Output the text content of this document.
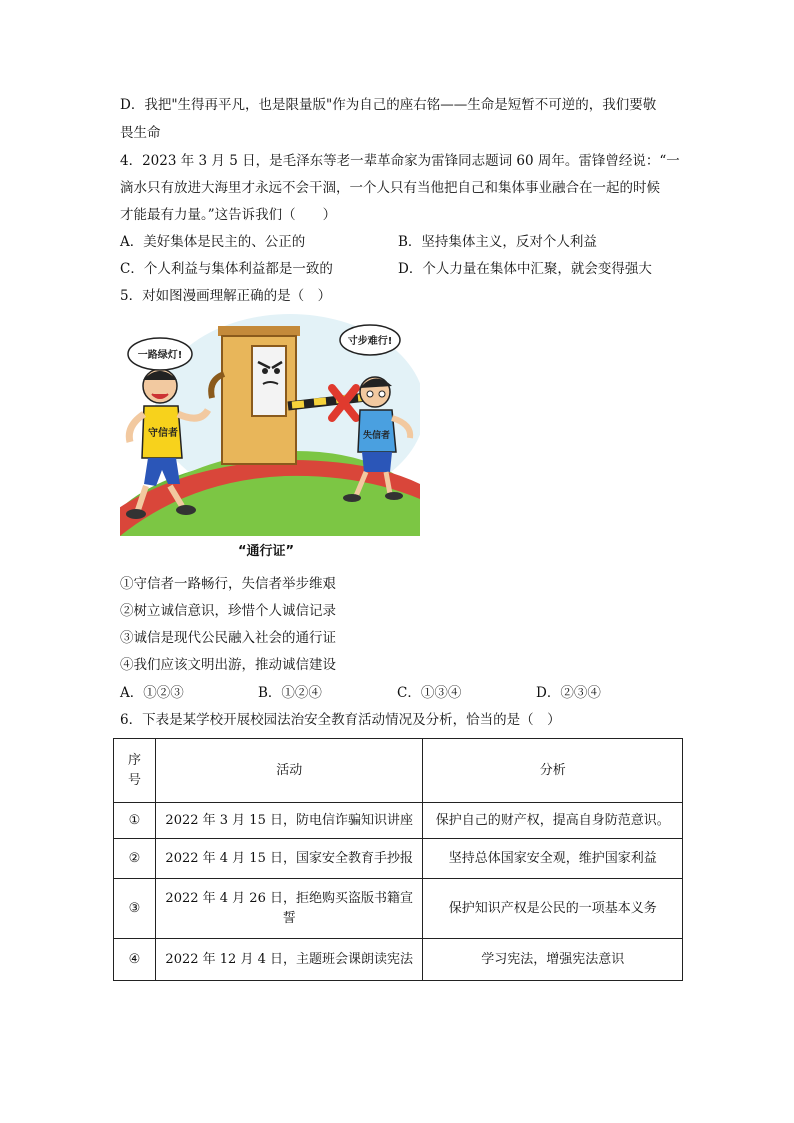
D．我把"生得再平凡，也是限量版"作为自己的座右铭——生命是短暂不可逆的，我们要敬
畏生命
4．2023 年 3 月 5 日，是毛泽东等老一辈革命家为雷锋同志题词 60 周年。雷锋曾经说：“一
滴水只有放进大海里才永远不会干涸，一个人只有当他把自己和集体事业融合在一起的时候
才能最有力量。”这告诉我们（　　）
A．美好集体是民主的、公正的	B．坚持集体主义，反对个人利益
C．个人利益与集体利益都是一致的	D．个人力量在集体中汇聚，就会变得强大
5．对如图漫画理解正确的是（　）
守信者
一路绿灯!
失信者
寸步难行!
“通行证”
①守信者一路畅行，失信者举步维艰
②树立诚信意识，珍惜个人诚信记录
③诚信是现代公民融入社会的通行证
④我们应该文明出游，推动诚信建设
A．①②③	B．①②④	C．①③④	D．②③④
6．下表是某学校开展校园法治安全教育活动情况及分析，恰当的是（　）
序
号	活动	分析
①	2022 年 3 月 15 日，防电信诈骗知识讲座	保护自己的财产权，提高自身防范意识。
②	2022 年 4 月 15 日，国家安全教育手抄报	坚持总体国家安全观，维护国家利益
③	2022 年 4 月 26 日，拒绝购买盗版书籍宣
誓	保护知识产权是公民的一项基本义务
④	2022 年 12 月 4 日，主题班会课朗读宪法	学习宪法，增强宪法意识
